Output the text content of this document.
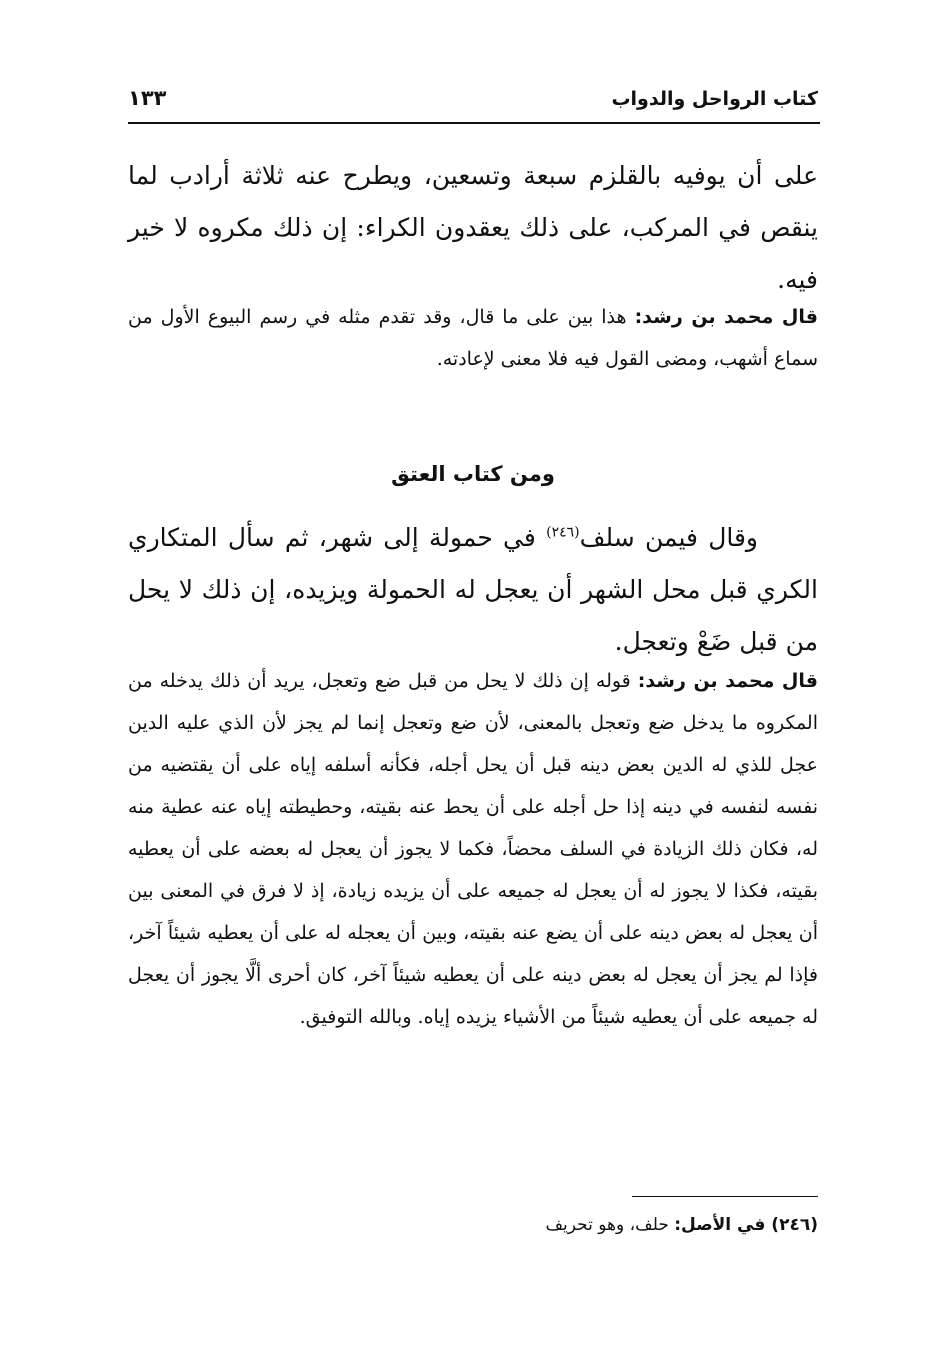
كتاب الرواحل والدواب
١٣٣

على أن يوفيه بالقلزم سبعة وتسعين، ويطرح عنه ثلاثة أرادب لما ينقص في المركب، على ذلك يعقدون الكراء: إن ذلك مكروه لا خير فيه.

قال محمد بن رشد: هذا بين على ما قال، وقد تقدم مثله في رسم البيوع الأول من سماع أشهب، ومضى القول فيه فلا معنى لإعادته.

ومن كتاب العتق

وقال فيمن سلف$^{(٢٤٦)}$ في حمولة إلى شهر، ثم سأل المتكاري الكري قبل محل الشهر أن يعجل له الحمولة ويزيده، إن ذلك لا يحل من قبل ضَعْ وتعجل.

قال محمد بن رشد: قوله إن ذلك لا يحل من قبل ضع وتعجل، يريد أن ذلك يدخله من المكروه ما يدخل ضع وتعجل بالمعنى، لأن ضع وتعجل إنما لم يجز لأن الذي عليه الدين عجل للذي له الدين بعض دينه قبل أن يحل أجله، فكأنه أسلفه إياه على أن يقتضيه من نفسه لنفسه في دينه إذا حل أجله على أن يحط عنه بقيته، وحطيطته إياه عنه عطية منه له، فكان ذلك الزيادة في السلف محضاً، فكما لا يجوز أن يعجل له بعضه على أن يعطيه بقيته، فكذا لا يجوز له أن يعجل له جميعه على أن يزيده زيادة، إذ لا فرق في المعنى بين أن يعجل له بعض دينه على أن يضع عنه بقيته، وبين أن يعجله له على أن يعطيه شيئاً آخر، فإذا لم يجز أن يعجل له بعض دينه على أن يعطيه شيئاً آخر، كان أحرى ألَّا يجوز أن يعجل له جميعه على أن يعطيه شيئاً من الأشياء يزيده إياه. وبالله التوفيق.

(٢٤٦) في الأصل: حلف، وهو تحريف
